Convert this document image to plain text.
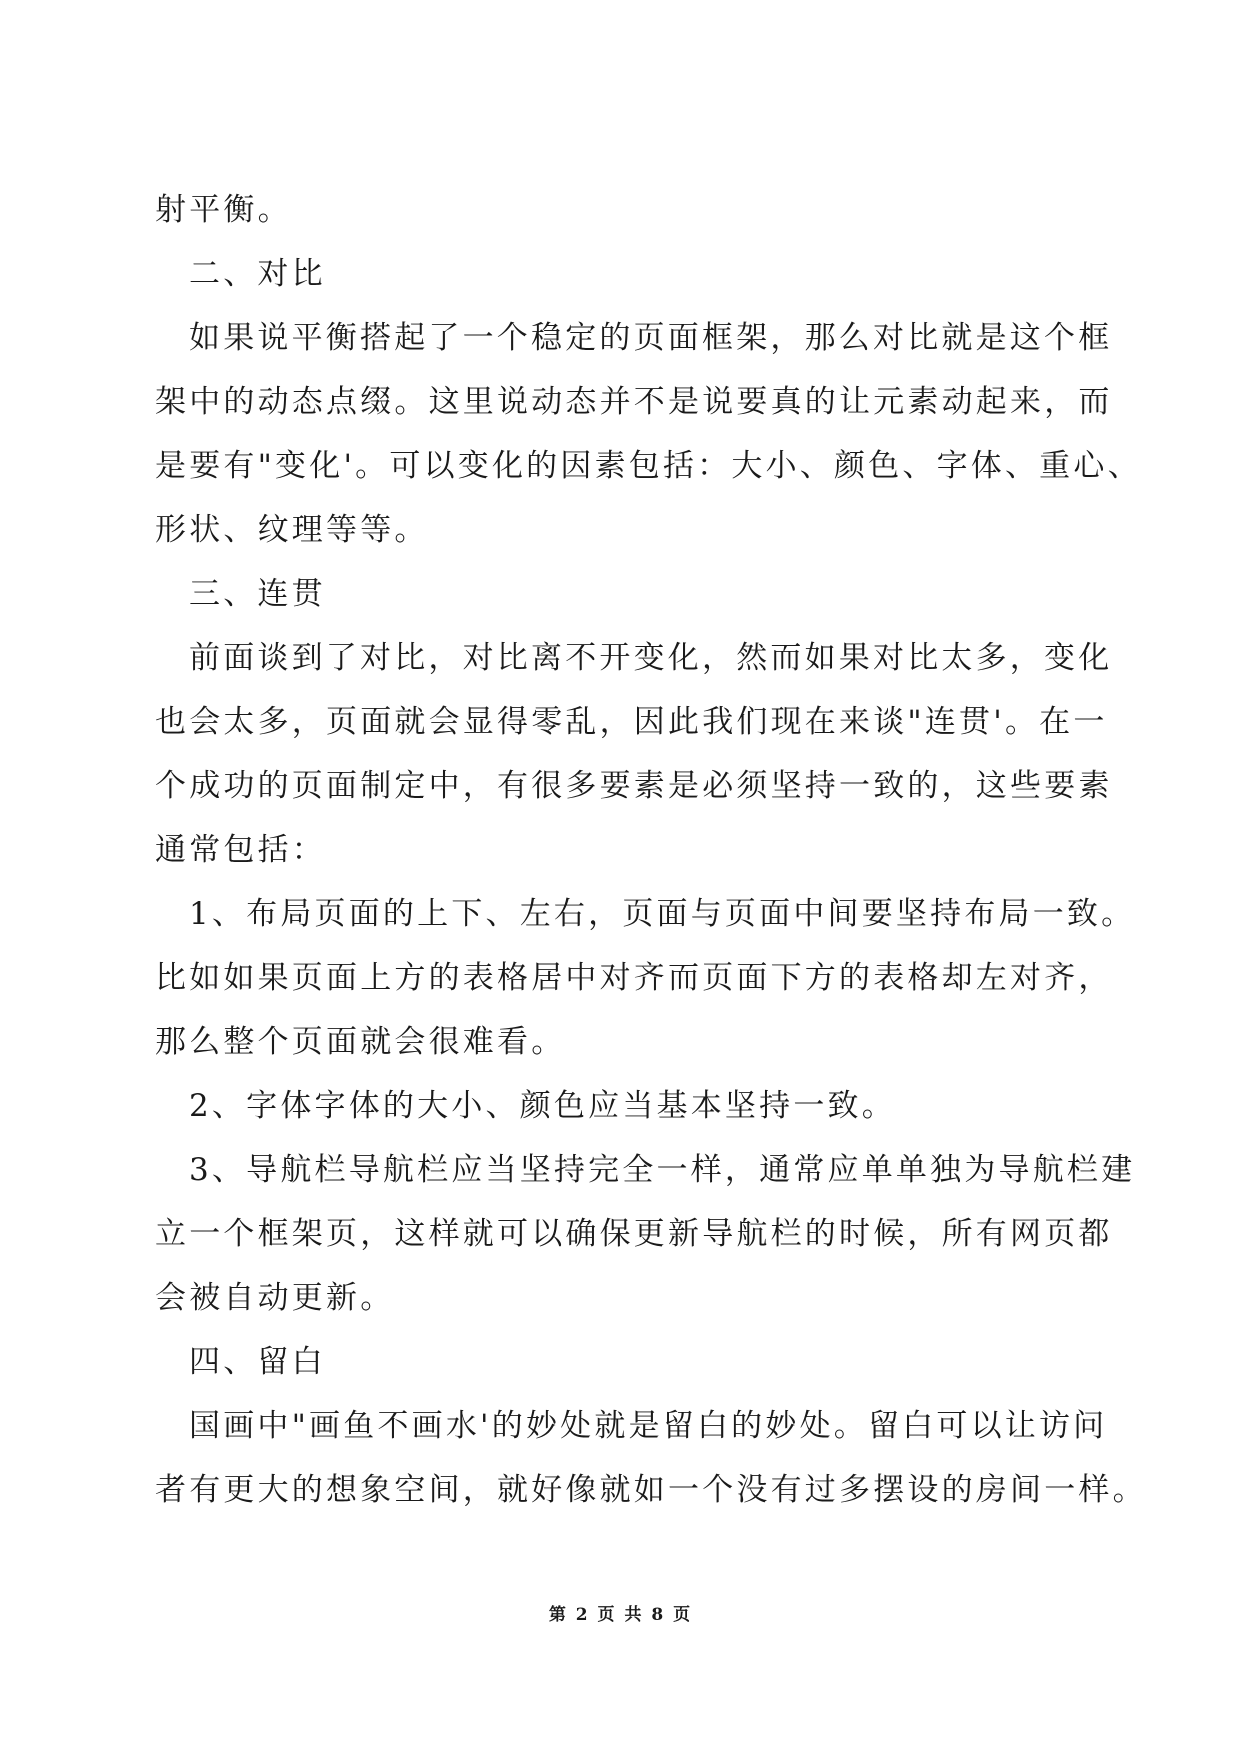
射平衡。
二、对比
如果说平衡搭起了一个稳定的页面框架，那么对比就是这个框
架中的动态点缀。这里说动态并不是说要真的让元素动起来，而
是要有"变化'。可以变化的因素包括：大小、颜色、字体、重心、
形状、纹理等等。
三、连贯
前面谈到了对比，对比离不开变化，然而如果对比太多，变化
也会太多，页面就会显得零乱，因此我们现在来谈"连贯'。在一
个成功的页面制定中，有很多要素是必须坚持一致的，这些要素
通常包括：
1、布局页面的上下、左右，页面与页面中间要坚持布局一致。
比如如果页面上方的表格居中对齐而页面下方的表格却左对齐，
那么整个页面就会很难看。
2、字体字体的大小、颜色应当基本坚持一致。
3、导航栏导航栏应当坚持完全一样，通常应单单独为导航栏建
立一个框架页，这样就可以确保更新导航栏的时候，所有网页都
会被自动更新。
四、留白
国画中"画鱼不画水'的妙处就是留白的妙处。留白可以让访问
者有更大的想象空间，就好像就如一个没有过多摆设的房间一样。
第 2 页 共 8 页
